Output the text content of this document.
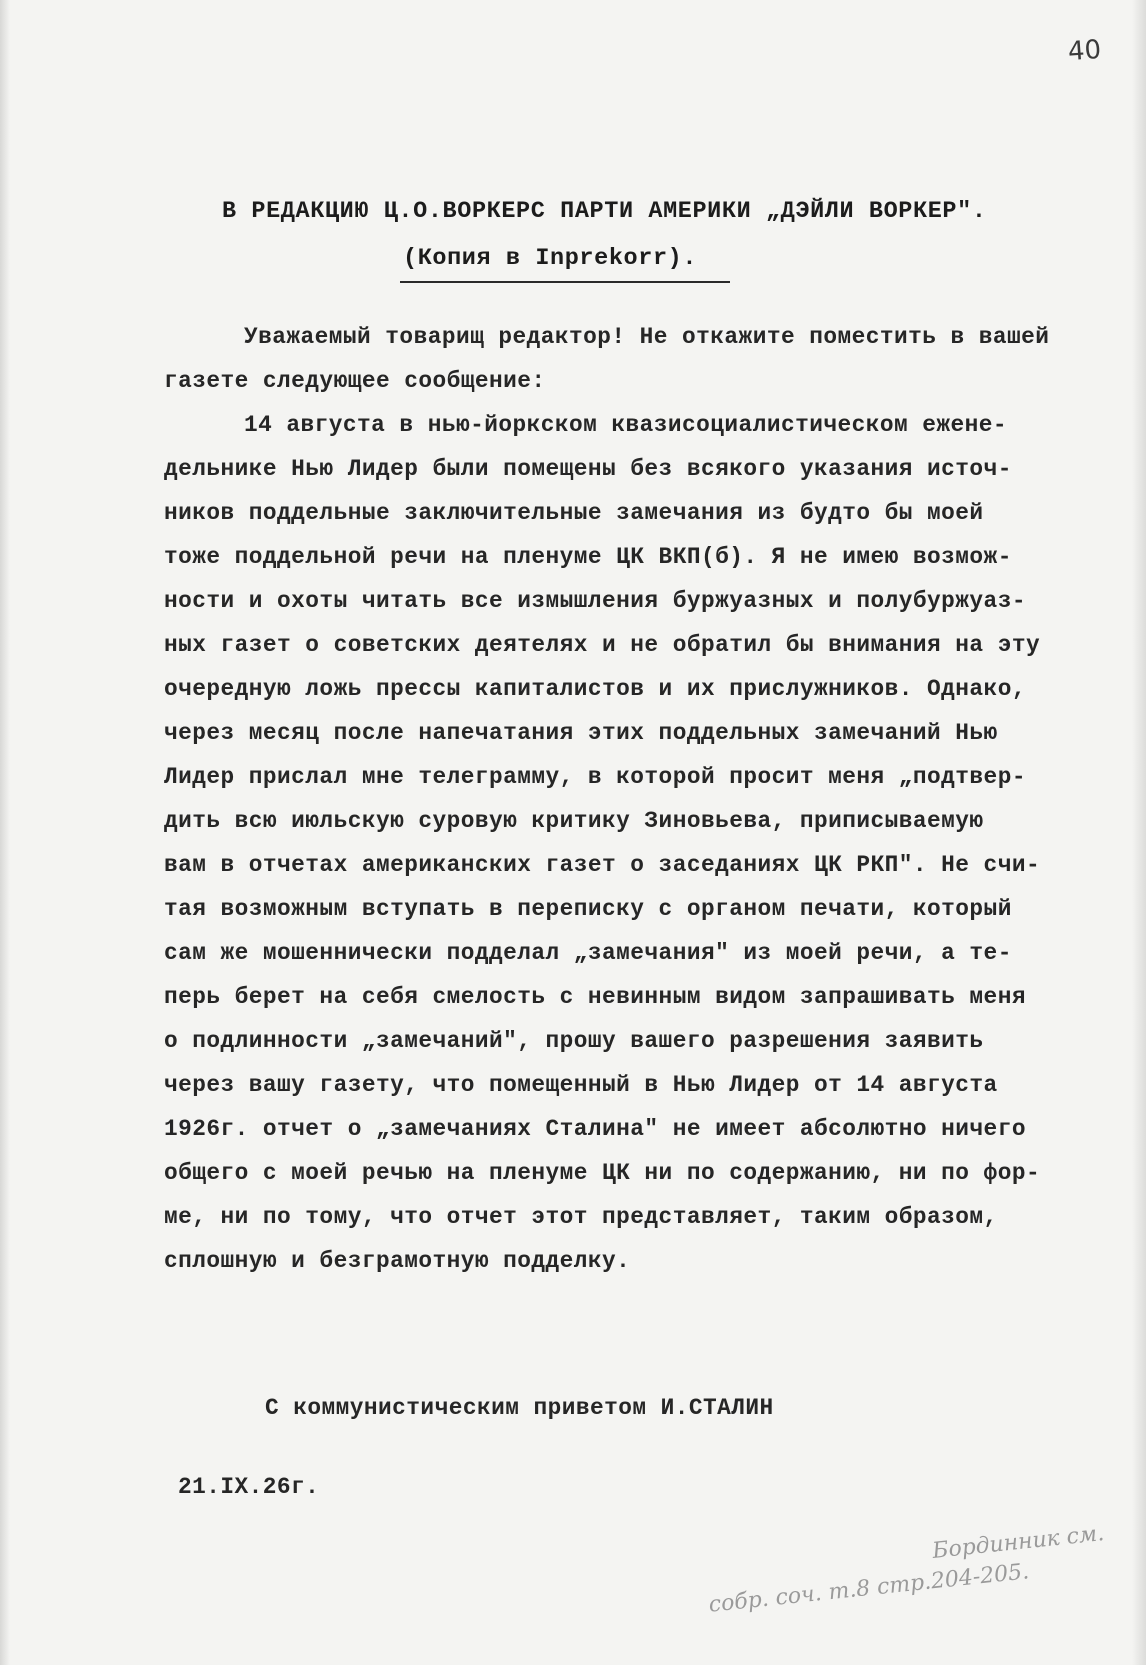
40
В РЕДАКЦИЮ Ц.О.ВОРКЕРС ПАРТИ АМЕРИКИ „ДЭЙЛИ ВОРКЕР".
(Копия в Inprekorr).
Уважаемый товарищ редактор! Не откажите поместить в вашей
газете следующее сообщение:
14 августа в нью-йоркском квазисоциалистическом еженe-
дельнике Нью Лидер были помещены без всякого указания источ-
ников поддельные заключительные замечания из будто бы моей
тоже поддельной речи на пленуме ЦК ВКП(б). Я не имею возмож-
ности и охоты читать все измышления буржуазных и полубуржуаз-
ных газет о советских деятелях и не обратил бы внимания на эту
очередную ложь прессы капиталистов и их прислужников. Однако,
через месяц после напечатания этих поддельных замечаний Нью
Лидер прислал мне телеграмму, в которой просит меня „подтвер-
дить всю июльскую суровую критику Зиновьева, приписываемую
вам в отчетах американских газет о заседаниях ЦК РКП". Не счи-
тая возможным вступать в переписку с органом печати, который
сам же мошеннически подделал „замечания" из моей речи, а те-
перь берет на себя смелость с невинным видом запрашивать меня
о подлинности „замечаний", прошу вашего разрешения заявить
через вашу газету, что помещенный в Нью Лидер от 14 августа
1926г. отчет о „замечаниях Сталина" не имеет абсолютно ничего
общего с моей речью на пленуме ЦК ни по содержанию, ни по фор-
ме, ни по тому, что отчет этот представляет, таким образом,
сплошную и безграмотную подделку.
С коммунистическим приветом И.СТАЛИН
21.IX.26г.
Бординник см.
собр. соч. т.8 стр.204-205.
